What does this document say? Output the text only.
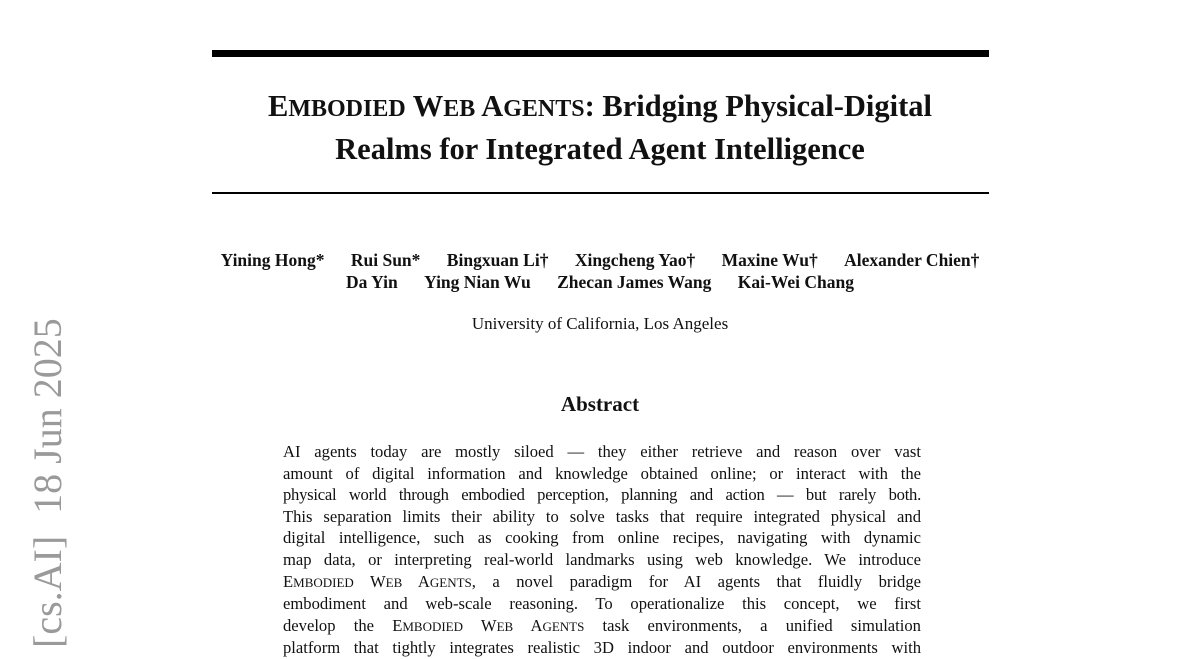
EMBODIED WEB AGENTS: Bridging Physical-Digital
Realms for Integrated Agent Intelligence
Yining Hong* Rui Sun* Bingxuan Li† Xingcheng Yao† Maxine Wu† Alexander Chien†
Da Yin Ying Nian Wu Zhecan James Wang Kai-Wei Chang
University of California, Los Angeles
Abstract
AI agents today are mostly siloed — they either retrieve and reason over vast
amount of digital information and knowledge obtained online; or interact with the
physical world through embodied perception, planning and action — but rarely both.
This separation limits their ability to solve tasks that require integrated physical and
digital intelligence, such as cooking from online recipes, navigating with dynamic
map data, or interpreting real-world landmarks using web knowledge. We introduce
EMBODIED WEB AGENTS, a novel paradigm for AI agents that fluidly bridge
embodiment and web-scale reasoning. To operationalize this concept, we first
develop the EMBODIED WEB AGENTS task environments, a unified simulation
platform that tightly integrates realistic 3D indoor and outdoor environments with
[cs.AI]18 Jun 2025
